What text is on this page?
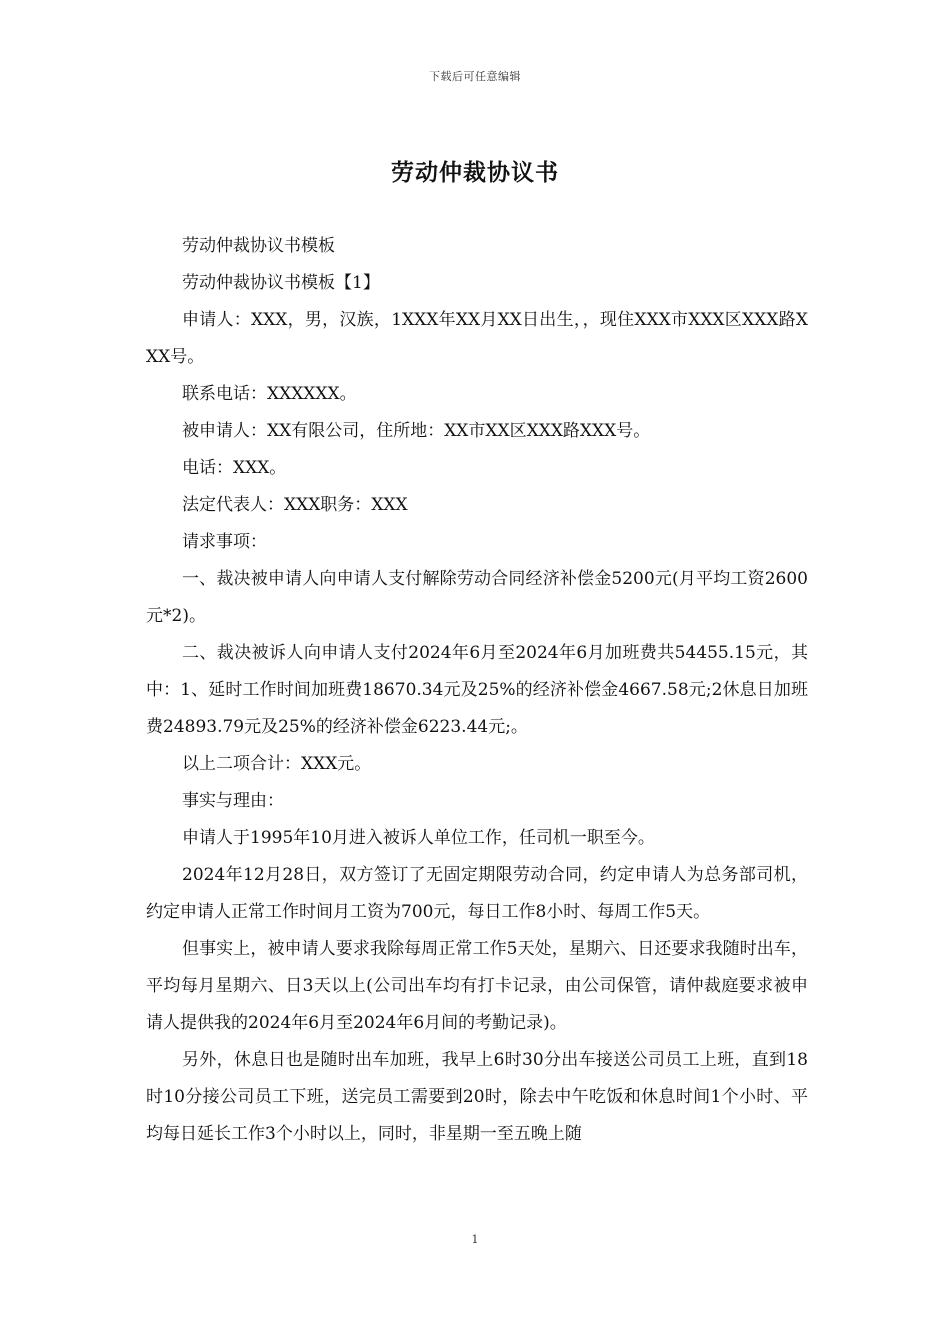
下载后可任意编辑
劳动仲裁协议书

劳动仲裁协议书模板

劳动仲裁协议书模板【1】

申请人：XXX，男，汉族，1XXX年XX月XX日出生，，现住XXX市XXX区XXX路XXX号。

联系电话：XXXXXX。

被申请人：XX有限公司，住所地：XX市XX区XXX路XXX号。

电话：XXX。

法定代表人：XXX职务：XXX

请求事项：

一、裁决被申请人向申请人支付解除劳动合同经济补偿金5200元(月平均工资2600元*2)。

二、裁决被诉人向申请人支付2024年6月至2024年6月加班费共54455.15元，其中：1、延时工作时间加班费18670.34元及25%的经济补偿金4667.58元;2休息日加班费24893.79元及25%的经济补偿金6223.44元;。

以上二项合计：XXX元。

事实与理由：

申请人于1995年10月进入被诉人单位工作，任司机一职至今。

2024年12月28日，双方签订了无固定期限劳动合同，约定申请人为总务部司机，约定申请人正常工作时间月工资为700元，每日工作8小时、每周工作5天。

但事实上，被申请人要求我除每周正常工作5天处，星期六、日还要求我随时出车，平均每月星期六、日3天以上(公司出车均有打卡记录，由公司保管，请仲裁庭要求被申请人提供我的2024年6月至2024年6月间的考勤记录)。

另外，休息日也是随时出车加班，我早上6时30分出车接送公司员工上班，直到18时10分接公司员工下班，送完员工需要到20时，除去中午吃饭和休息时间1个小时、平均每日延长工作3个小时以上，同时，非星期一至五晚上随

1
